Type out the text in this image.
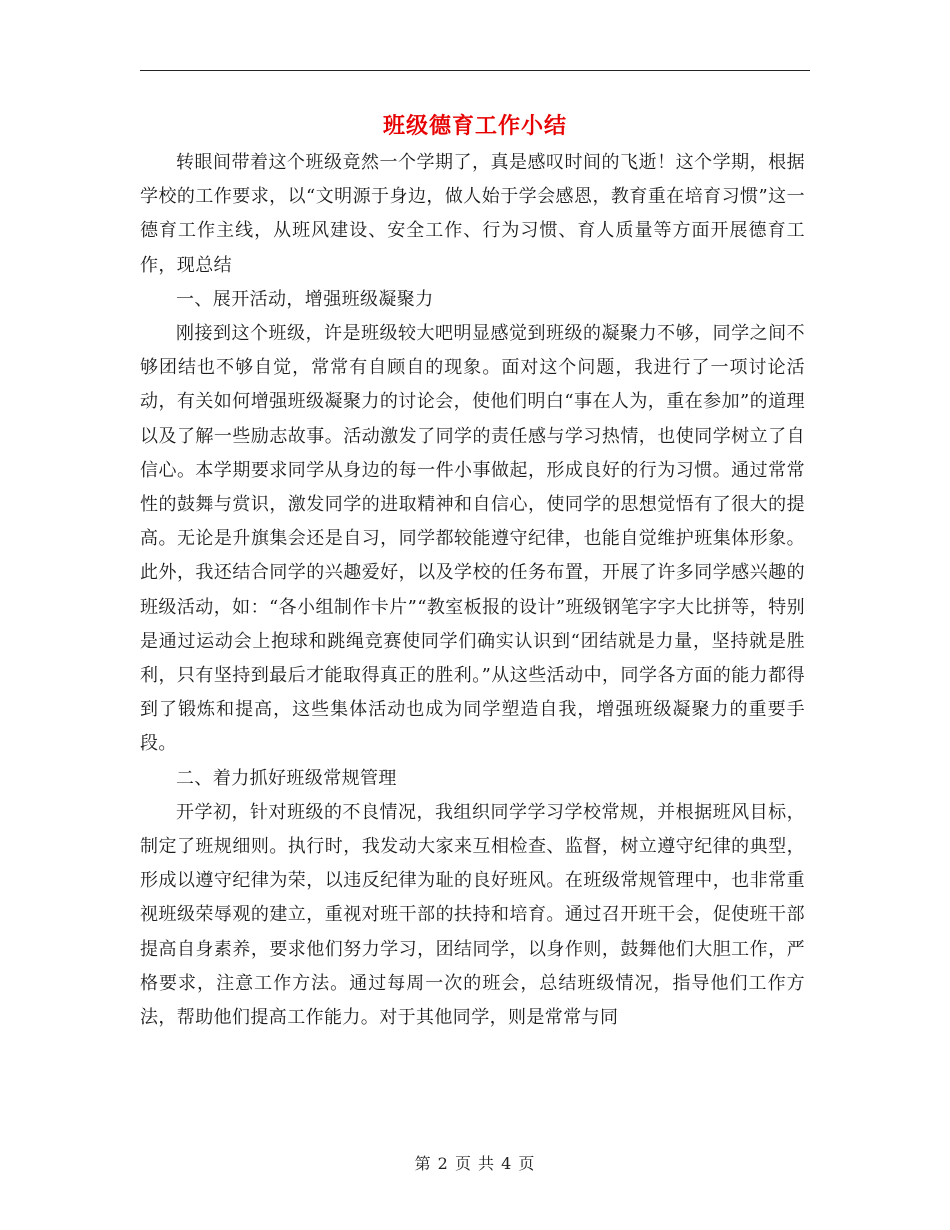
班级德育工作小结

转眼间带着这个班级竟然一个学期了，真是感叹时间的飞逝！这个学期，根据学校的工作要求，以“文明源于身边，做人始于学会感恩，教育重在培育习惯”这一德育工作主线，从班风建设、安全工作、行为习惯、育人质量等方面开展德育工作，现总结

一、展开活动，增强班级凝聚力

刚接到这个班级，许是班级较大吧明显感觉到班级的凝聚力不够，同学之间不够团结也不够自觉，常常有自顾自的现象。面对这个问题，我进行了一项讨论活动，有关如何增强班级凝聚力的讨论会，使他们明白“事在人为，重在参加”的道理以及了解一些励志故事。活动激发了同学的责任感与学习热情，也使同学树立了自信心。本学期要求同学从身边的每一件小事做起，形成良好的行为习惯。通过常常性的鼓舞与赏识，激发同学的进取精神和自信心，使同学的思想觉悟有了很大的提高。无论是升旗集会还是自习，同学都较能遵守纪律，也能自觉维护班集体形象。此外，我还结合同学的兴趣爱好，以及学校的任务布置，开展了许多同学感兴趣的班级活动，如：“各小组制作卡片”“教室板报的设计”班级钢笔字字大比拼等，特别是通过运动会上抱球和跳绳竞赛使同学们确实认识到“团结就是力量，坚持就是胜利，只有坚持到最后才能取得真正的胜利。”从这些活动中，同学各方面的能力都得到了锻炼和提高，这些集体活动也成为同学塑造自我，增强班级凝聚力的重要手段。

二、着力抓好班级常规管理

开学初，针对班级的不良情况，我组织同学学习学校常规，并根据班风目标，制定了班规细则。执行时，我发动大家来互相检查、监督，树立遵守纪律的典型，形成以遵守纪律为荣，以违反纪律为耻的良好班风。在班级常规管理中，也非常重视班级荣辱观的建立，重视对班干部的扶持和培育。通过召开班干会，促使班干部提高自身素养，要求他们努力学习，团结同学，以身作则，鼓舞他们大胆工作，严格要求，注意工作方法。通过每周一次的班会，总结班级情况，指导他们工作方法，帮助他们提高工作能力。对于其他同学，则是常常与同

第 2 页 共 4 页
